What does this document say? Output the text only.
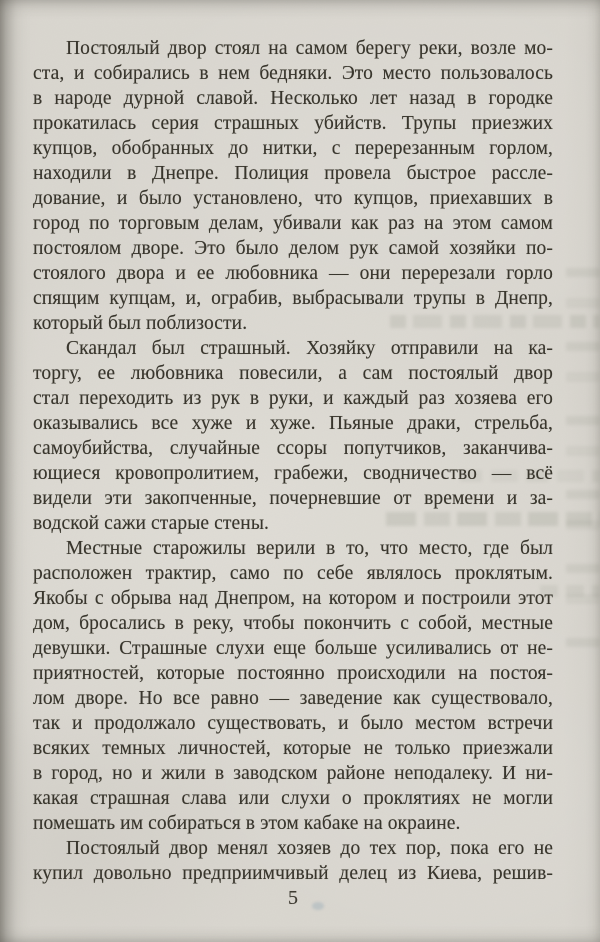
Постоялый двор стоял на самом берегу реки, возле мо-
ста, и собирались в нем бедняки. Это место пользовалось
в народе дурной славой. Несколько лет назад в городке
прокатилась серия страшных убийств. Трупы приезжих
купцов, обобранных до нитки, с перерезанным горлом,
находили в Днепре. Полиция провела быстрое рассле-
дование, и было установлено, что купцов, приехавших в
город по торговым делам, убивали как раз на этом самом
постоялом дворе. Это было делом рук самой хозяйки по-
стоялого двора и ее любовника — они перерезали горло
спящим купцам, и, ограбив, выбрасывали трупы в Днепр,
который был поблизости.
Скандал был страшный. Хозяйку отправили на ка-
торгу, ее любовника повесили, а сам постоялый двор
стал переходить из рук в руки, и каждый раз хозяева его
оказывались все хуже и хуже. Пьяные драки, стрельба,
самоубийства, случайные ссоры попутчиков, заканчива-
ющиеся кровопролитием, грабежи, сводничество — всё
видели эти закопченные, почерневшие от времени и за-
водской сажи старые стены.
Местные старожилы верили в то, что место, где был
расположен трактир, само по себе являлось проклятым.
Якобы с обрыва над Днепром, на котором и построили этот
дом, бросались в реку, чтобы покончить с собой, местные
девушки. Страшные слухи еще больше усиливались от не-
приятностей, которые постоянно происходили на постоя-
лом дворе. Но все равно — заведение как существовало,
так и продолжало существовать, и было местом встречи
всяких темных личностей, которые не только приезжали
в город, но и жили в заводском районе неподалеку. И ни-
какая страшная слава или слухи о проклятиях не могли
помешать им собираться в этом кабаке на окраине.
Постоялый двор менял хозяев до тех пор, пока его не
купил довольно предприимчивый делец из Киева, решив-
5
